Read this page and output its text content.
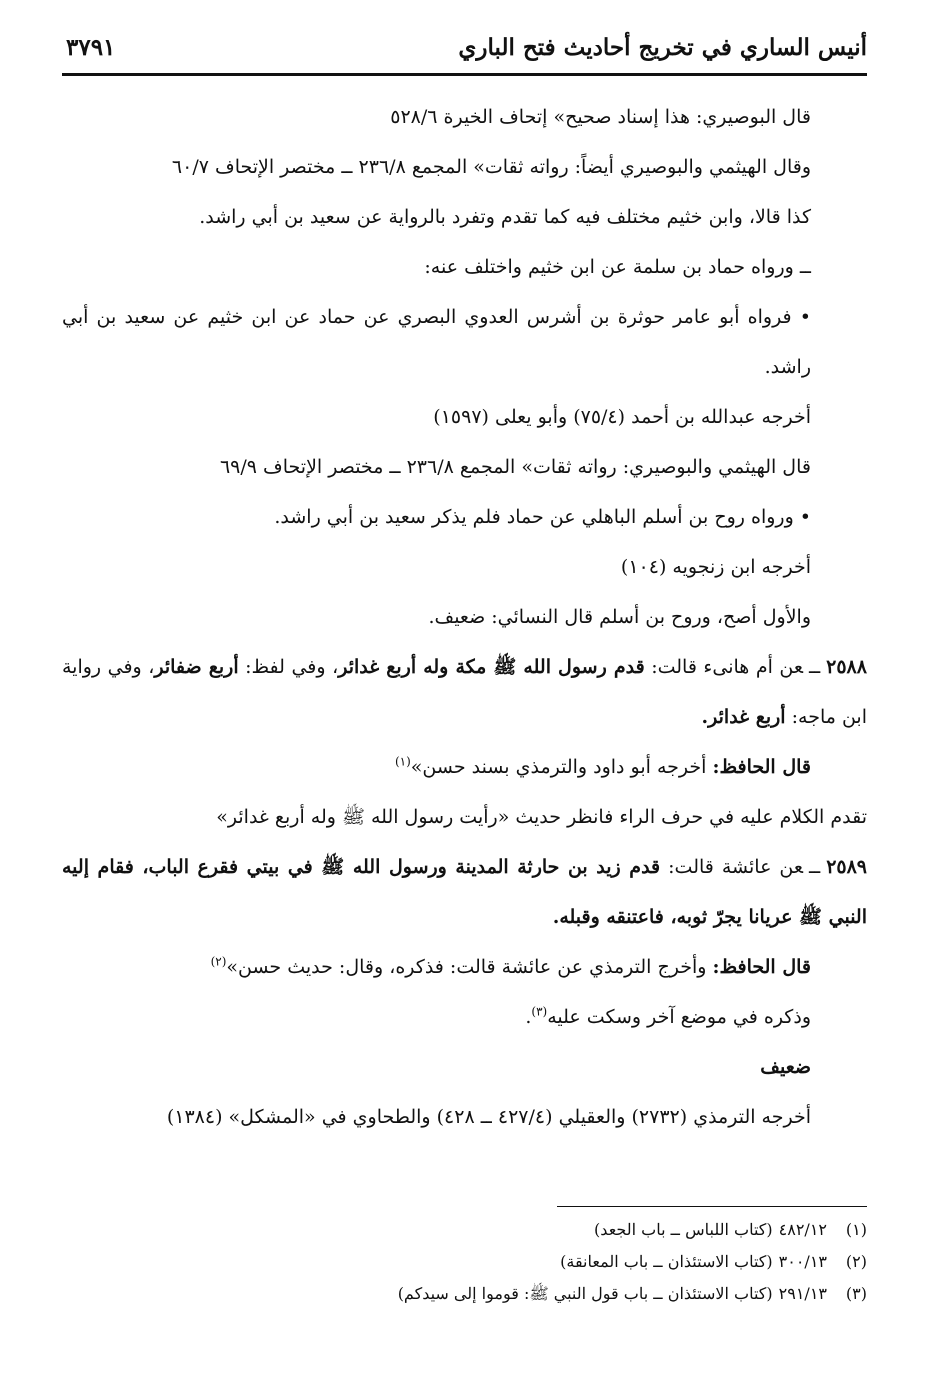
أنيس الساري في تخريج أحاديث فتح الباري
٣٧٩١

قال البوصيري: هذا إسناد صحيح» إتحاف الخيرة ٥٢٨/٦

وقال الهيثمي والبوصيري أيضاً: رواته ثقات» المجمع ٢٣٦/٨ ــ مختصر الإتحاف ٦٠/٧

كذا قالا، وابن خثيم مختلف فيه كما تقدم وتفرد بالرواية عن سعيد بن أبي راشد.

ــ ورواه حماد بن سلمة عن ابن خثيم واختلف عنه:

• فرواه أبو عامر حوثرة بن أشرس العدوي البصري عن حماد عن ابن خثيم عن سعيد بن أبي راشد.

أخرجه عبدالله بن أحمد (٧٥/٤) وأبو يعلى (١٥٩٧)

قال الهيثمي والبوصيري: رواته ثقات» المجمع ٢٣٦/٨ ــ مختصر الإتحاف ٦٩/٩

• ورواه روح بن أسلم الباهلي عن حماد فلم يذكر سعيد بن أبي راشد.

أخرجه ابن زنجويه (١٠٤)

والأول أصح، وروح بن أسلم قال النسائي: ضعيف.

٢٥٨٨ــعن أم هانىء قالت: قدم رسول الله ﷺ مكة وله أربع غدائر، وفي لفظ: أربع ضفائر، وفي رواية ابن ماجه: أربع غدائر.

قال الحافظ: أخرجه أبو داود والترمذي بسند حسن»$^{(١)}$

تقدم الكلام عليه في حرف الراء فانظر حديث «رأيت رسول الله ﷺ وله أربع غدائر»

٢٥٨٩ــعن عائشة قالت: قدم زيد بن حارثة المدينة ورسول الله ﷺ في بيتي فقرع الباب، فقام إليه النبي ﷺ عريانا يجرّ ثوبه، فاعتنقه وقبله.

قال الحافظ: وأخرج الترمذي عن عائشة قالت: فذكره، وقال: حديث حسن»$^{(٢)}$

وذكره في موضع آخر وسكت عليه$^{(٣)}$.

ضعيف

أخرجه الترمذي (٢٧٣٢) والعقيلي (٤٢٧/٤ ــ ٤٢٨) والطحاوي في «المشكل» (١٣٨٤)

(١)٤٨٢/١٢(كتاب اللباس ــ باب الجعد)
(٢)٣٠٠/١٣(كتاب الاستئذان ــ باب المعانقة)
(٣)٢٩١/١٣(كتاب الاستئذان ــ باب قول النبي ﷺ: قوموا إلى سيدكم)
